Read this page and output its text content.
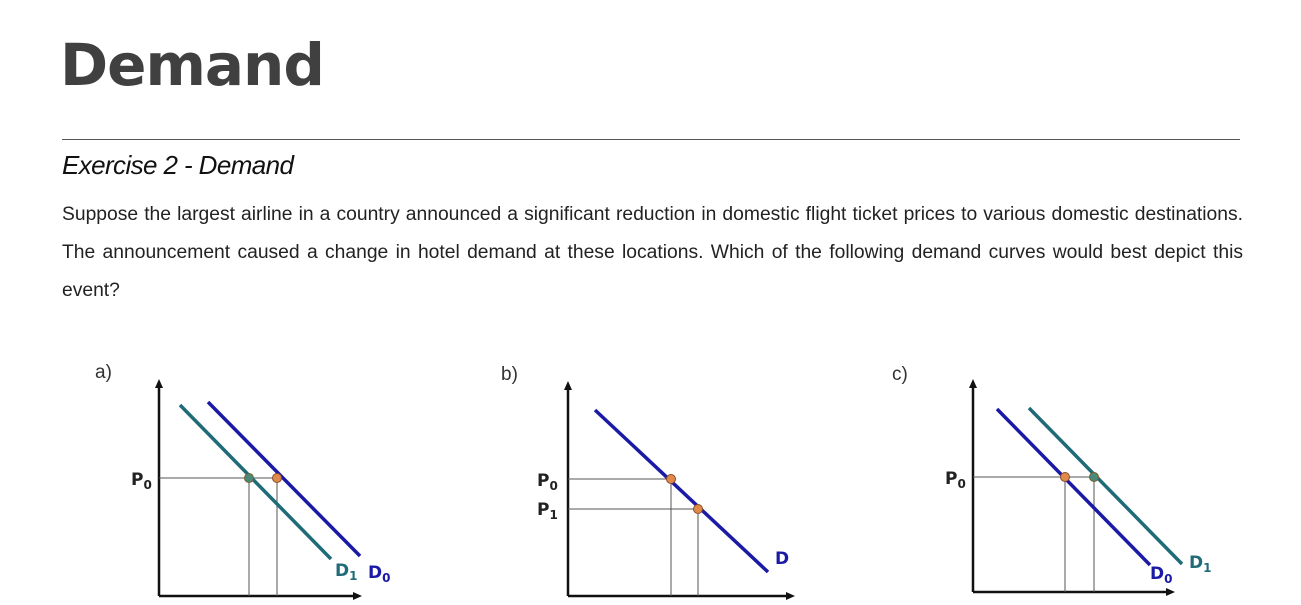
Demand
Exercise 2 - Demand

Suppose the largest airline in a country announced a significant reduction in domestic flight ticket prices to various domestic destinations. The announcement caused a change in hotel demand at these locations. Which of the following demand curves would best depict this event?

a)
$P_0$
$D_1$ $D_0$
b)
$P_0$
$P_1$
D
c)
$P_0$
$D_0$
$D_1$
